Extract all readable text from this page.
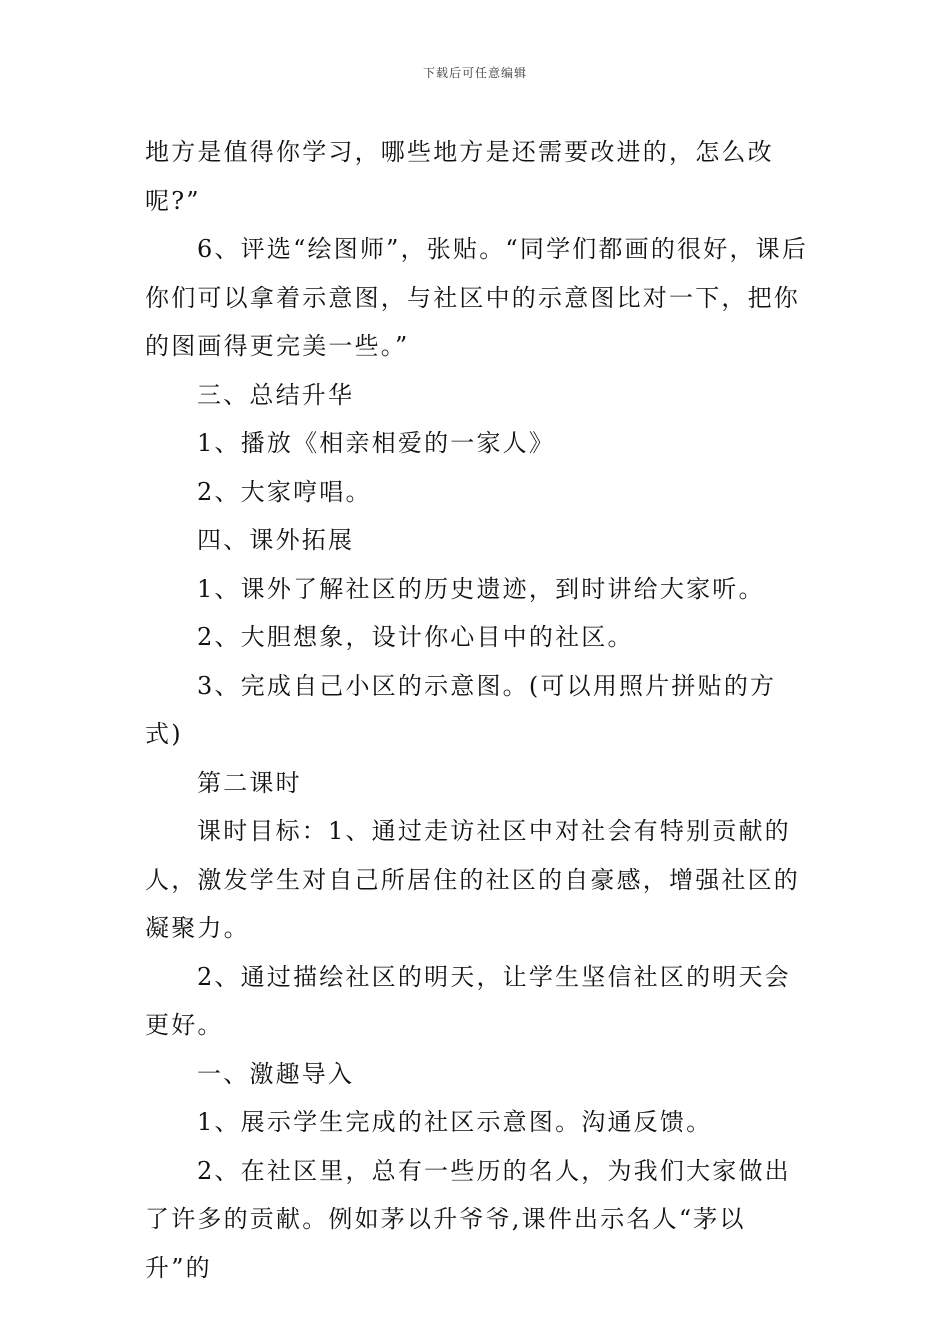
下载后可任意编辑

地方是值得你学习，哪些地方是还需要改进的，怎么改呢?”

6、评选“绘图师”，张贴。“同学们都画的很好，课后你们可以拿着示意图，与社区中的示意图比对一下，把你的图画得更完美一些。”

三、总结升华

1、播放《相亲相爱的一家人》

2、大家哼唱。

四、课外拓展

1、课外了解社区的历史遗迹，到时讲给大家听。

2、大胆想象，设计你心目中的社区。

3、完成自己小区的示意图。(可以用照片拼贴的方式)

第二课时

课时目标：1、通过走访社区中对社会有特别贡献的人，激发学生对自己所居住的社区的自豪感，增强社区的凝聚力。

2、通过描绘社区的明天，让学生坚信社区的明天会更好。

一、激趣导入

1、展示学生完成的社区示意图。沟通反馈。

2、在社区里，总有一些历的名人，为我们大家做出了许多的贡献。例如茅以升爷爷,课件出示名人“茅以升”的
